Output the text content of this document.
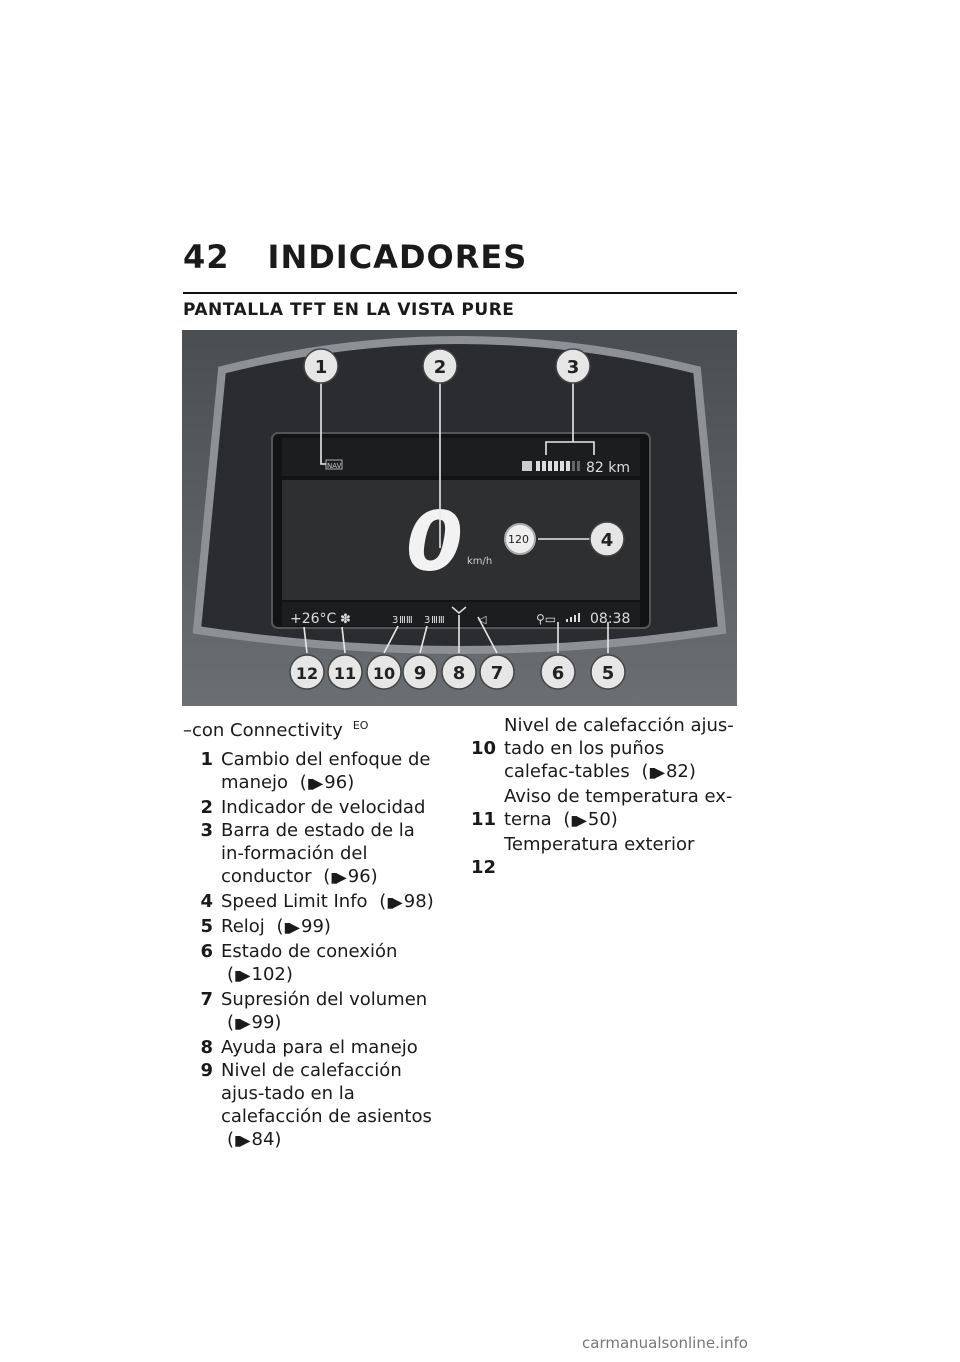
42 INDICADORES
PANTALLA TFT EN LA VISTA PURE
NAV	82 km
0 km/h
120
+26°C ✽	3 ⅢⅢ 3 ⅢⅢ	◁	⚲▭ 08:38
1	2	3
4
5
6
7
8
9
10
11
12
–con Connectivity $^{EO}$
1 Cambio del enfoque de manejo (▮▶ 96)
2 Indicador de velocidad
3 Barra de estado de la in-formación del conductor (▮▶ 96)
4 Speed Limit Info (▮▶ 98)
5 Reloj (▮▶ 99)
6 Estado de conexión (▮▶ 102)
7 Supresión del volumen (▮▶ 99)
8 Ayuda para el manejo
9 Nivel de calefacción ajus-tado en la calefacción de asientos (▮▶ 84)
10
Nivel de calefacción ajus-tado en los puños calefac-tables (▮▶ 82)
11
Aviso de temperatura ex-terna (▮▶ 50)
12
Temperatura exterior
carmanualsonline.info
